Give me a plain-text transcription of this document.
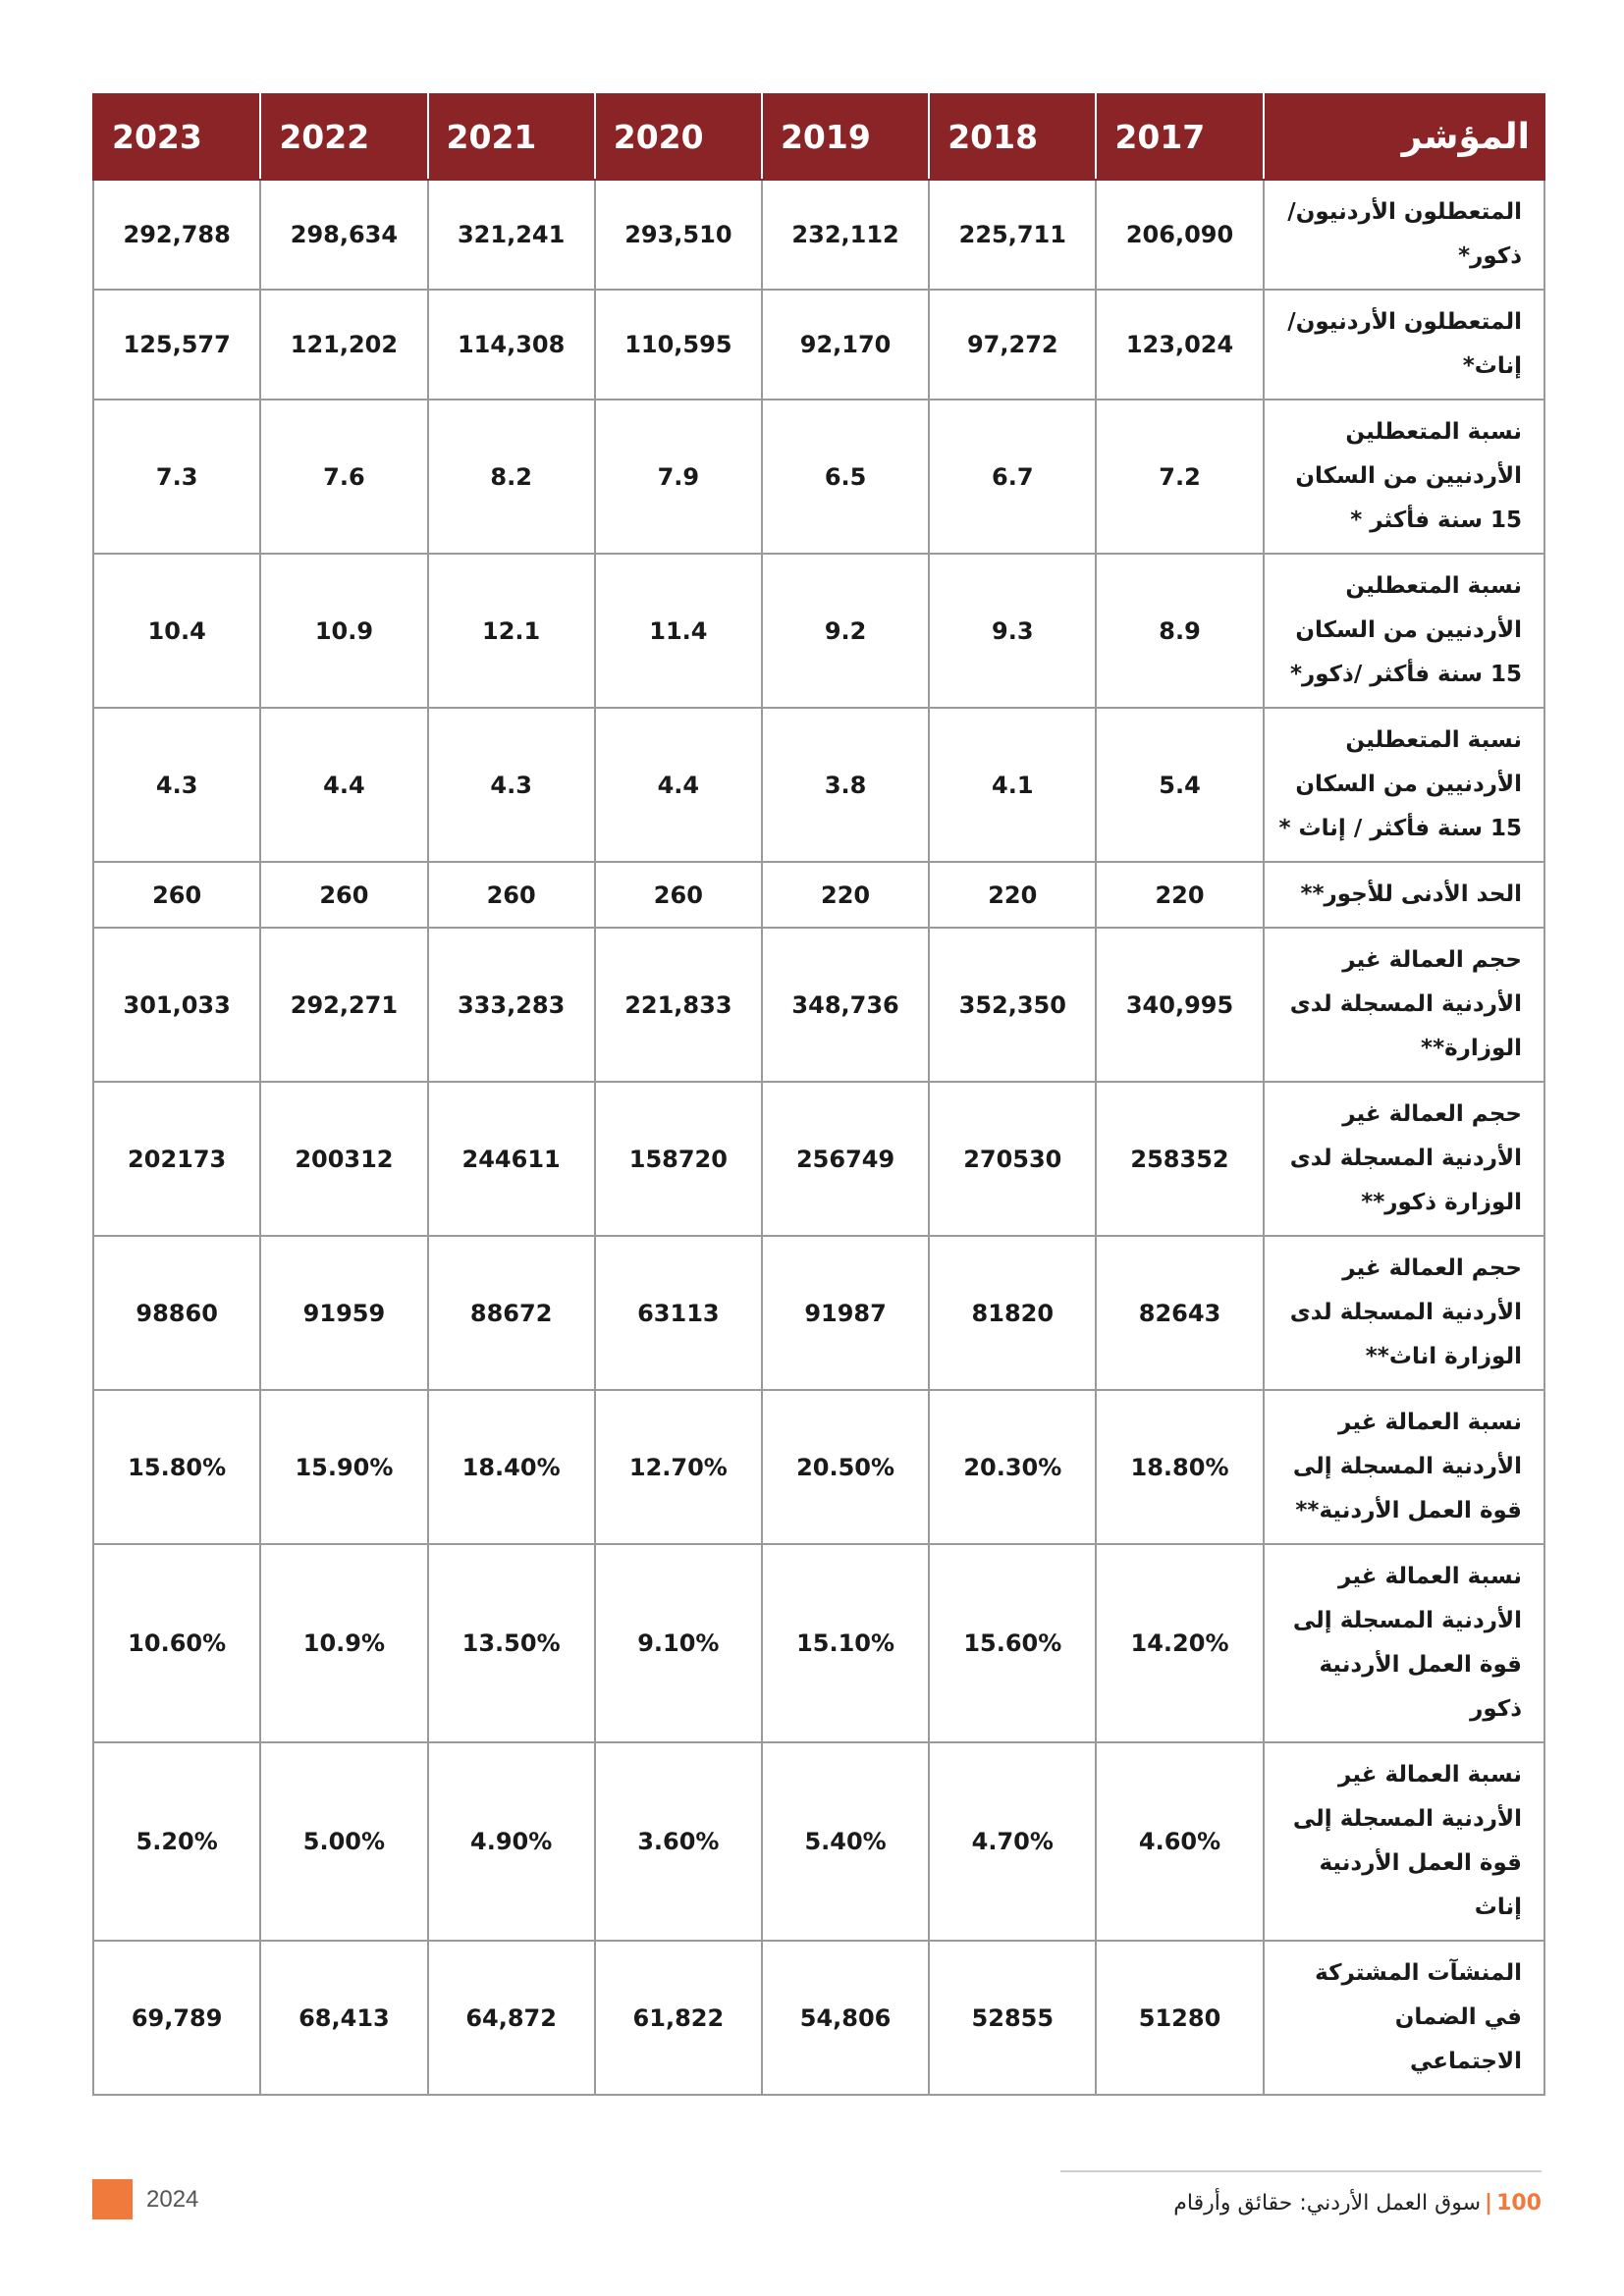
المؤشر	2017	2018	2019	2020	2021	2022	2023
المتعطلون الأردنيون/ ذكور*	206,090	225,711	232,112	293,510	321,241	298,634	292,788
المتعطلون الأردنيون/ إناث*	123,024	97,272	92,170	110,595	114,308	121,202	125,577
نسبة المتعطلين الأردنيين من السكان 15 سنة فأكثر *	7.2	6.7	6.5	7.9	8.2	7.6	7.3
نسبة المتعطلين الأردنيين من السكان 15 سنة فأكثر /ذكور*	8.9	9.3	9.2	11.4	12.1	10.9	10.4
نسبة المتعطلين الأردنيين من السكان 15 سنة فأكثر / إناث *	5.4	4.1	3.8	4.4	4.3	4.4	4.3
الحد الأدنى للأجور**	220	220	220	260	260	260	260
حجم العمالة غير الأردنية المسجلة لدى الوزارة**	340,995	352,350	348,736	221,833	333,283	292,271	301,033
حجم العمالة غير الأردنية المسجلة لدى الوزارة ذكور**	258352	270530	256749	158720	244611	200312	202173
حجم العمالة غير الأردنية المسجلة لدى الوزارة اناث**	82643	81820	91987	63113	88672	91959	98860
نسبة العمالة غير الأردنية المسجلة إلى قوة العمل الأردنية**	18.80%	20.30%	20.50%	12.70%	18.40%	15.90%	15.80%
نسبة العمالة غير الأردنية المسجلة إلى قوة العمل الأردنية ذكور	14.20%	15.60%	15.10%	9.10%	13.50%	10.9%	10.60%
نسبة العمالة غير الأردنية المسجلة إلى قوة العمل الأردنية إناث	4.60%	4.70%	5.40%	3.60%	4.90%	5.00%	5.20%
المنشآت المشتركة في الضمان الاجتماعي	51280	52855	54,806	61,822	64,872	68,413	69,789
2024	100
|
سوق العمل الأردني: حقائق وأرقام
